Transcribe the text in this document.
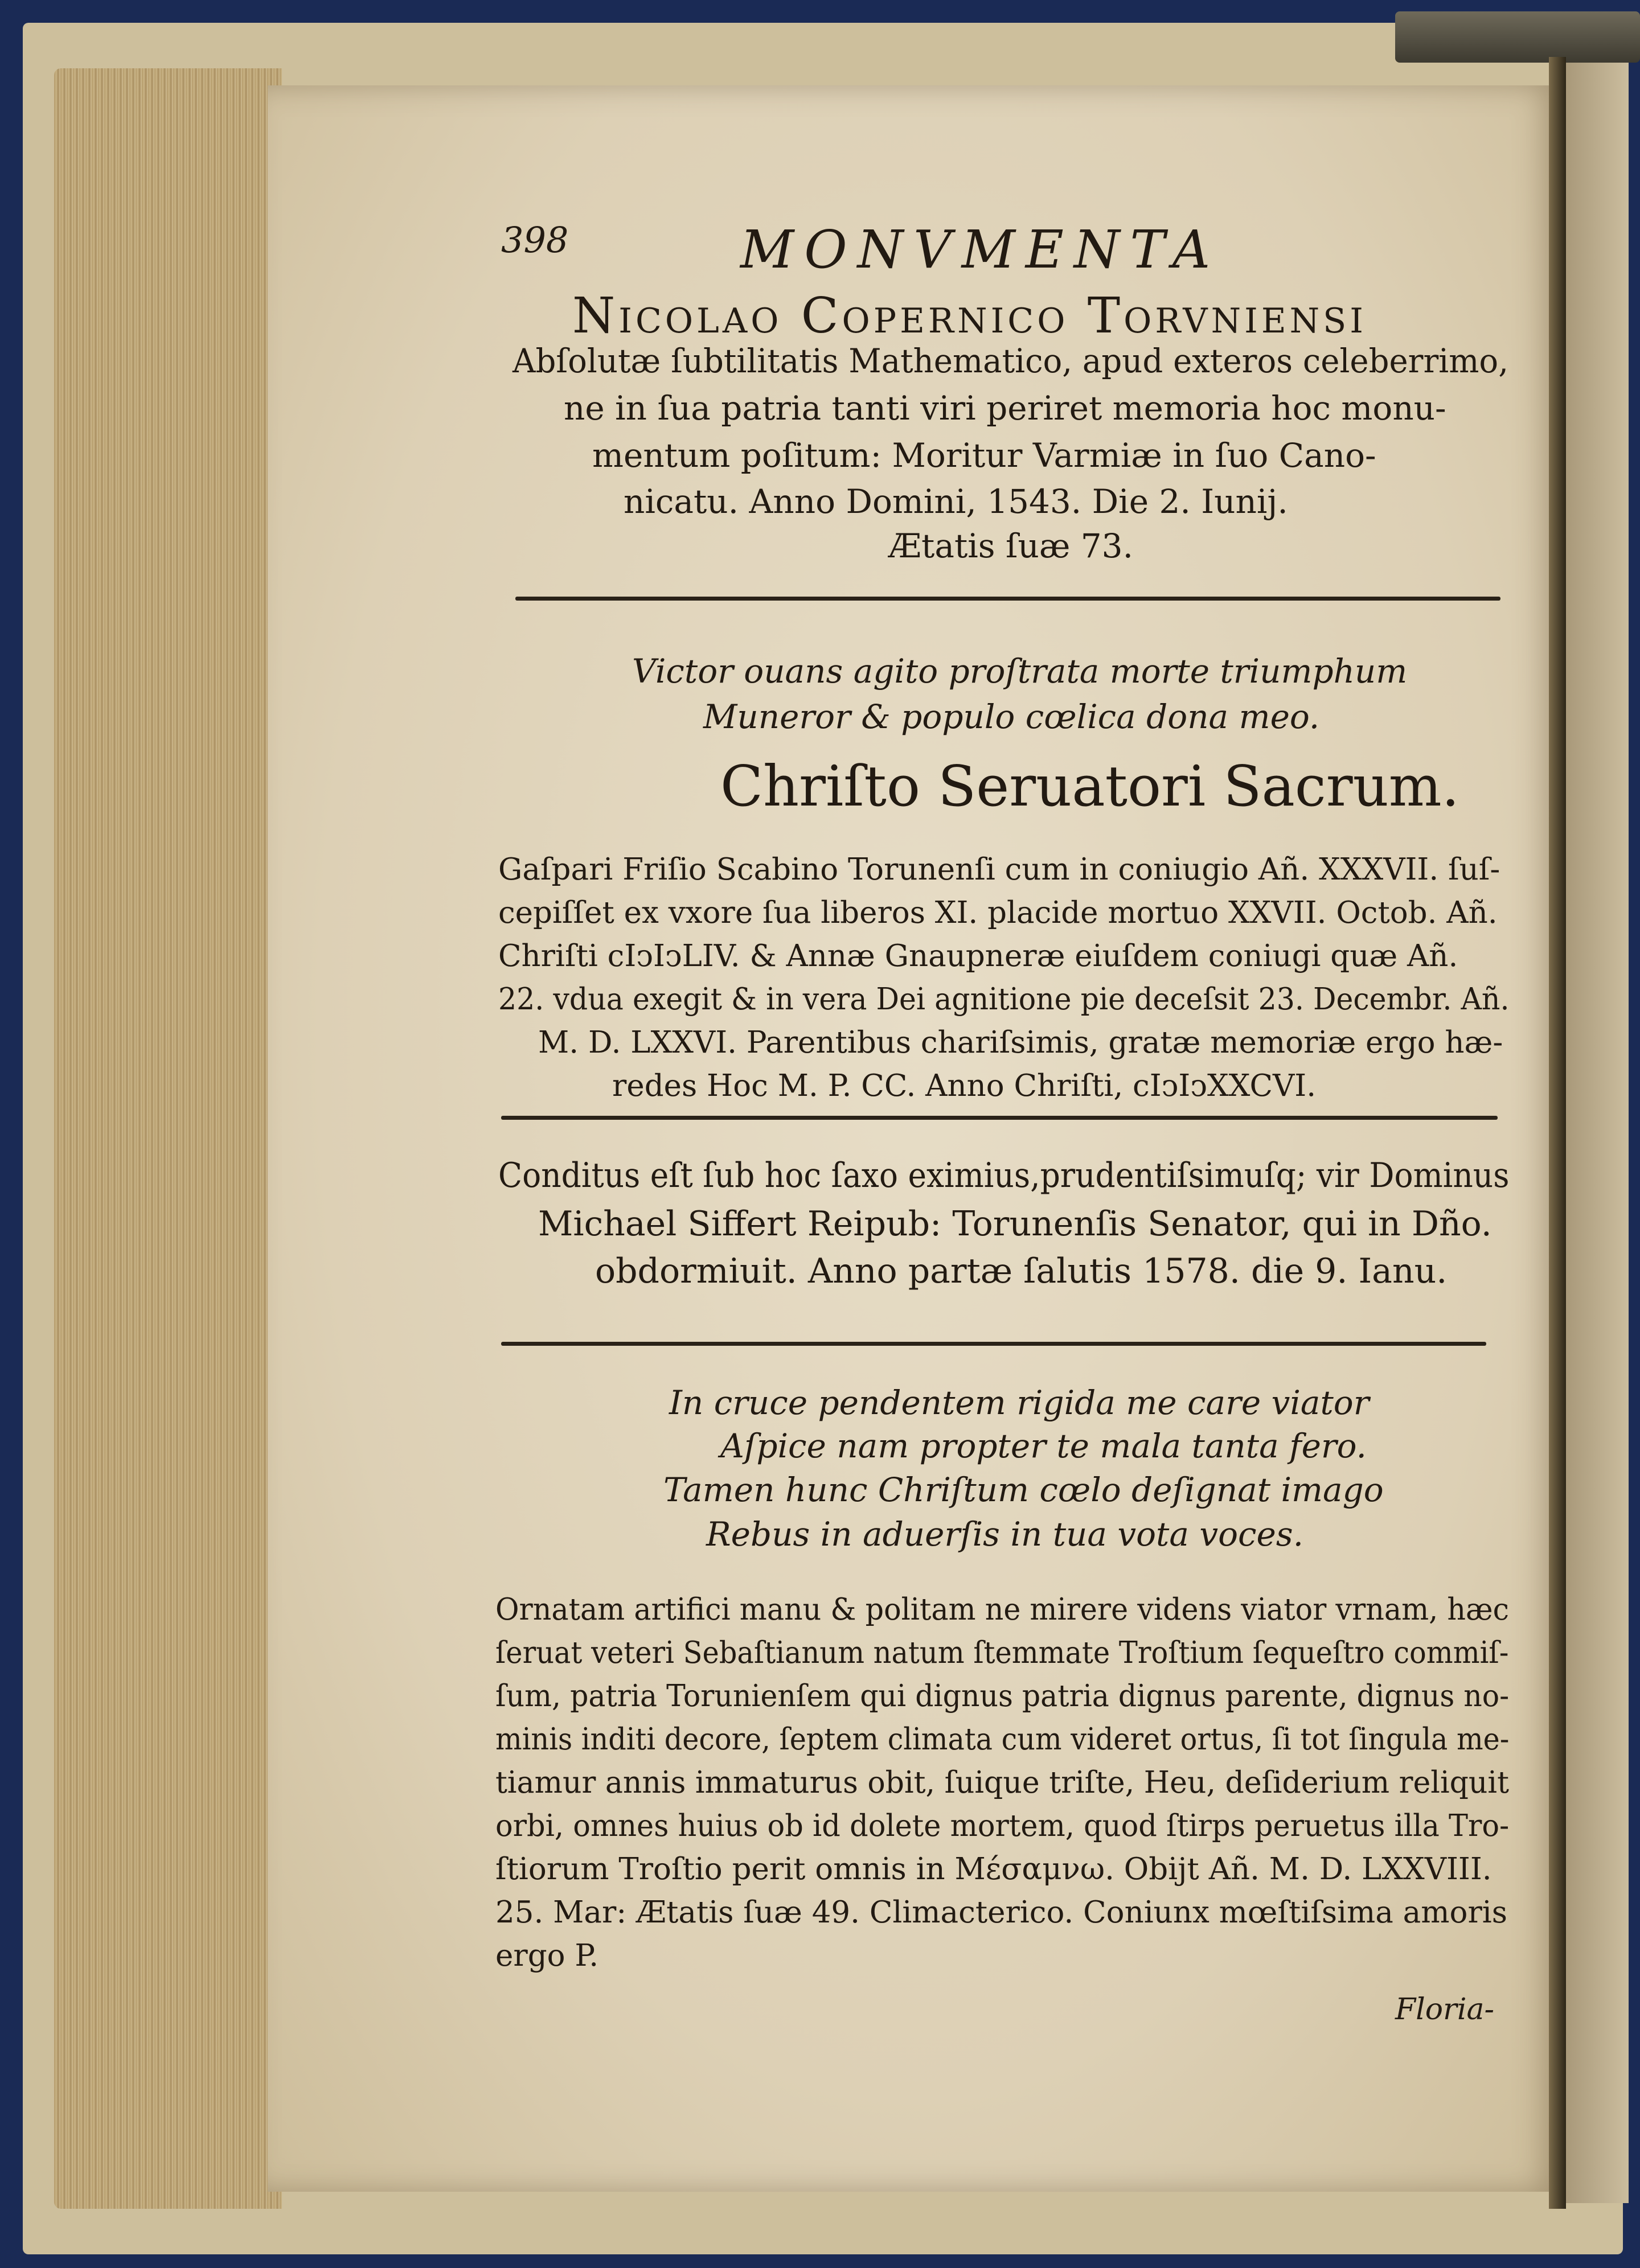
398	MONVMENTA
Nicolao Copernico Torvniensi
Abſolutæ ſubtilitatis Mathematico, apud exteros celeberrimo,
ne in ſua patria tanti viri periret memoria hoc monu-
mentum poſitum: Moritur Varmiæ in ſuo Cano-
nicatu. Anno Domini, 1543. Die 2. Iunij.
Ætatis ſuæ 73.
Victor ouans agito proſtrata morte triumphum
Muneror & populo cœlica dona meo.
Chriſto Seruatori Sacrum.
Gaſpari Friſio Scabino Torunenſi cum in coniugio Añ. XXXVII. ſuſ-
cepiſſet ex vxore ſua liberos XI. placide mortuo XXVII. Octob. Añ.
Chriſti cIↄIↄLIV. & Annæ Gnaupneræ eiuſdem coniugi quæ Añ.
22. vdua exegit & in vera Dei agnitione pie deceſsit 23. Decembr. Añ.
M. D. LXXVI. Parentibus chariſsimis, gratæ memoriæ ergo hæ-
redes Hoc M. P. CC. Anno Chriſti, cIↄIↄXXCVI.
Conditus eſt ſub hoc ſaxo eximius,prudentiſsimuſq; vir Dominus
Michael Siffert Reipub: Torunenſis Senator, qui in Dño.
obdormiuit. Anno partæ ſalutis 1578. die 9. Ianu.
In cruce pendentem rigida me care viator
Aſpice nam propter te mala tanta fero.
Tamen hunc Chriſtum cœlo deſignat imago
Rebus in aduerſis in tua vota voces.
Ornatam artifici manu & politam ne mirere videns viator vrnam, hæc
ſeruat veteri Sebaſtianum natum ſtemmate Troſtium ſequeſtro commiſ-
ſum, patria Torunienſem qui dignus patria dignus parente, dignus no-
minis inditi decore, ſeptem climata cum videret ortus, ſi tot ſingula me-
tiamur annis immaturus obit, ſuique triſte, Heu, deſiderium reliquit
orbi, omnes huius ob id dolete mortem, quod ſtirps peruetus illa Tro-
ſtiorum Troſtio perit omnis in Μέσαμνω. Obijt Añ. M. D. LXXVIII.
25. Mar: Ætatis ſuæ 49. Climacterico. Coniunx mœſtiſsima amoris
ergo P.
Floria-
